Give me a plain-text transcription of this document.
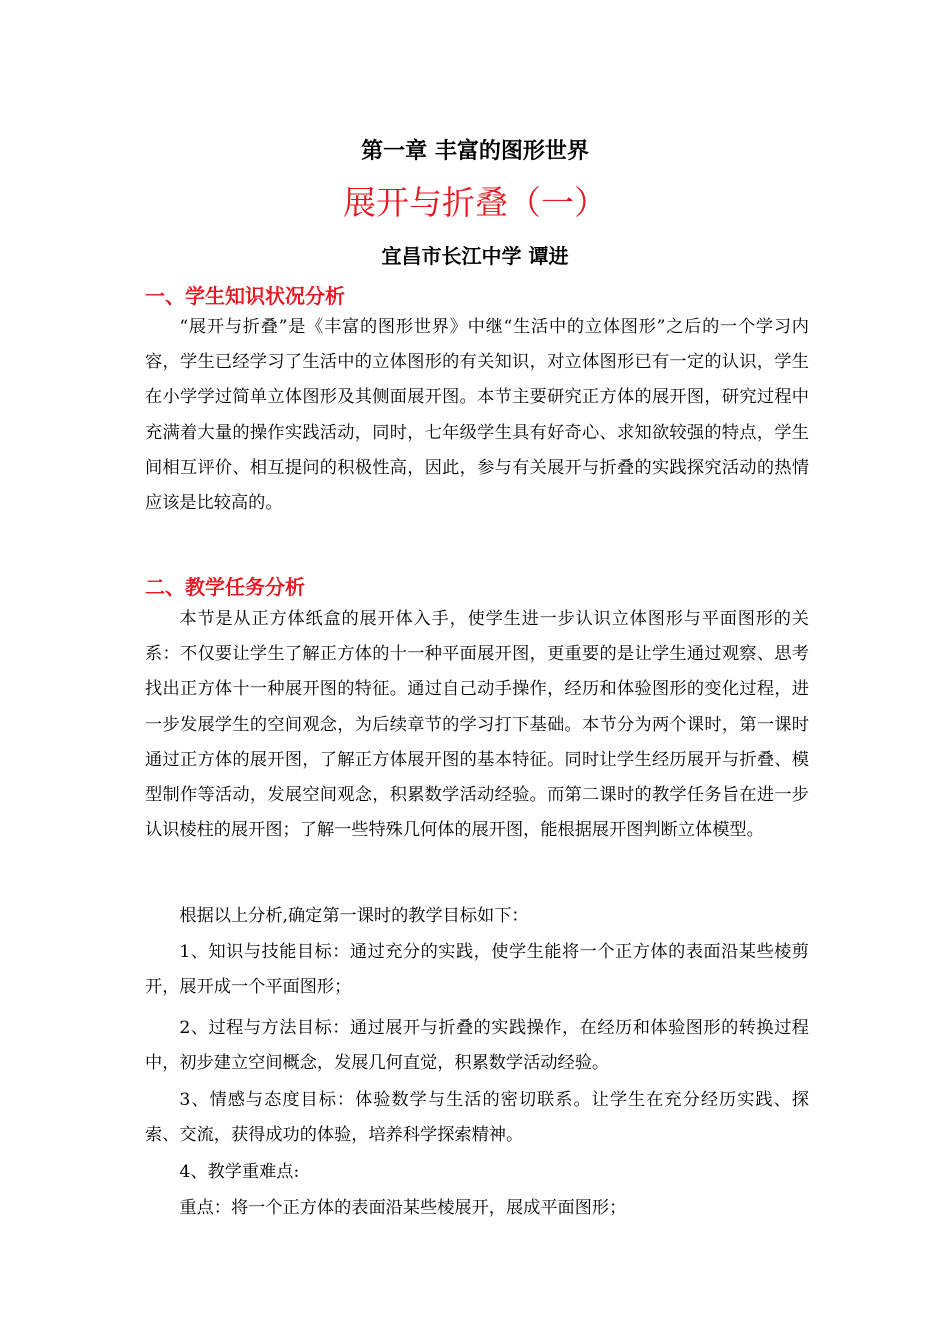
第一章 丰富的图形世界
展开与折叠（一）
宜昌市长江中学 谭进
一、学生知识状况分析

“展开与折叠”是《丰富的图形世界》中继“生活中的立体图形”之后的一个学习内容，学生已经学习了生活中的立体图形的有关知识，对立体图形已有一定的认识，学生在小学学过简单立体图形及其侧面展开图。本节主要研究正方体的展开图，研究过程中充满着大量的操作实践活动，同时，七年级学生具有好奇心、求知欲较强的特点，学生间相互评价、相互提问的积极性高，因此，参与有关展开与折叠的实践探究活动的热情应该是比较高的。

二、教学任务分析

本节是从正方体纸盒的展开体入手，使学生进一步认识立体图形与平面图形的关系：不仅要让学生了解正方体的十一种平面展开图，更重要的是让学生通过观察、思考找出正方体十一种展开图的特征。通过自己动手操作，经历和体验图形的变化过程，进一步发展学生的空间观念，为后续章节的学习打下基础。本节分为两个课时，第一课时通过正方体的展开图，了解正方体展开图的基本特征。同时让学生经历展开与折叠、模型制作等活动，发展空间观念，积累数学活动经验。而第二课时的教学任务旨在进一步认识棱柱的展开图；了解一些特殊几何体的展开图，能根据展开图判断立体模型。

根据以上分析,确定第一课时的教学目标如下：

1、知识与技能目标：通过充分的实践，使学生能将一个正方体的表面沿某些棱剪开，展开成一个平面图形；

2、过程与方法目标：通过展开与折叠的实践操作，在经历和体验图形的转换过程中，初步建立空间概念，发展几何直觉，积累数学活动经验。

3、情感与态度目标：体验数学与生活的密切联系。让学生在充分经历实践、探索、交流，获得成功的体验，培养科学探索精神。

4、教学重难点:

重点：将一个正方体的表面沿某些棱展开，展成平面图形；
